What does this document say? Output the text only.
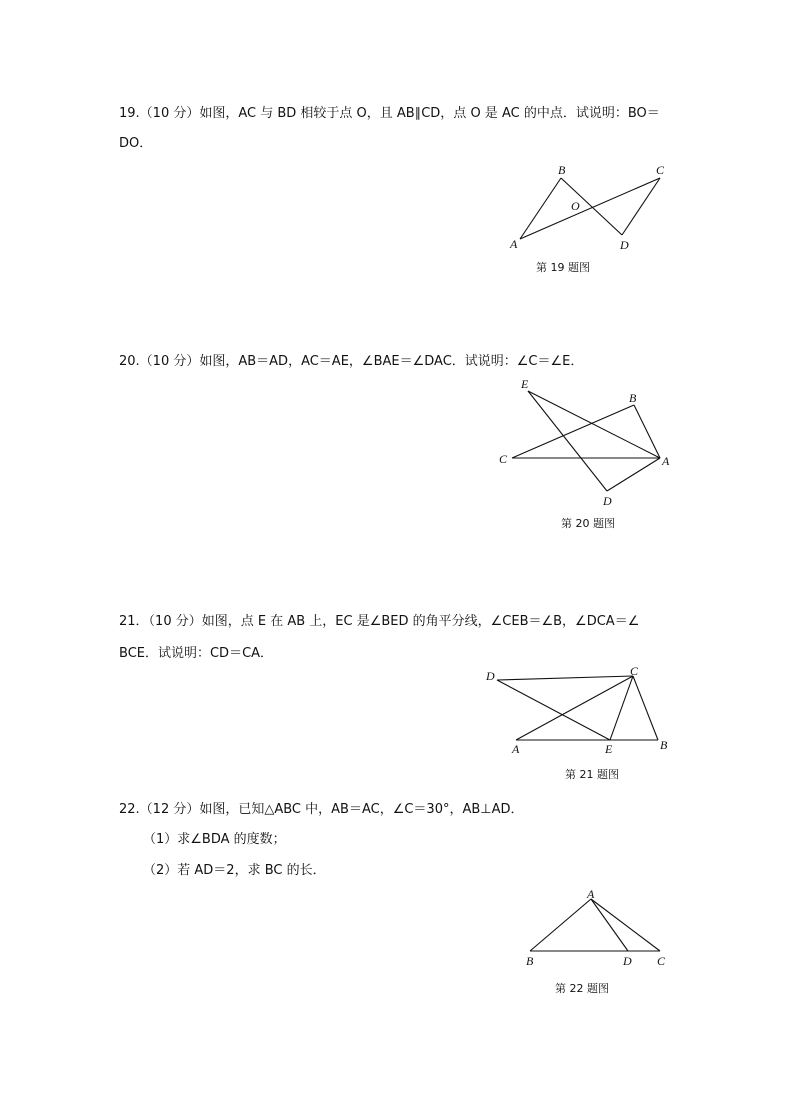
19.（10 分）如图，AC 与 BD 相较于点 O，且 AB∥CD，点 O 是 AC 的中点．试说明：BO＝
DO．
A
B	C
D
O
第 19 题图
20.（10 分）如图，AB＝AD，AC＝AE，∠BAE＝∠DAC．试说明：∠C＝∠E．
A
B
C
D
E
第 20 题图
21．（10 分）如图，点 E 在 AB 上，EC 是∠BED 的角平分线，∠CEB＝∠B，∠DCA＝∠
BCE．试说明：CD＝CA．
A	B
C
D
E
第 21 题图
22.（12 分）如图，已知△ABC 中，AB＝AC，∠C＝30°，AB⊥AD．
（1）求∠BDA 的度数；
（2）若 AD＝2，求 BC 的长．
A
B	C
D
第 22 题图
